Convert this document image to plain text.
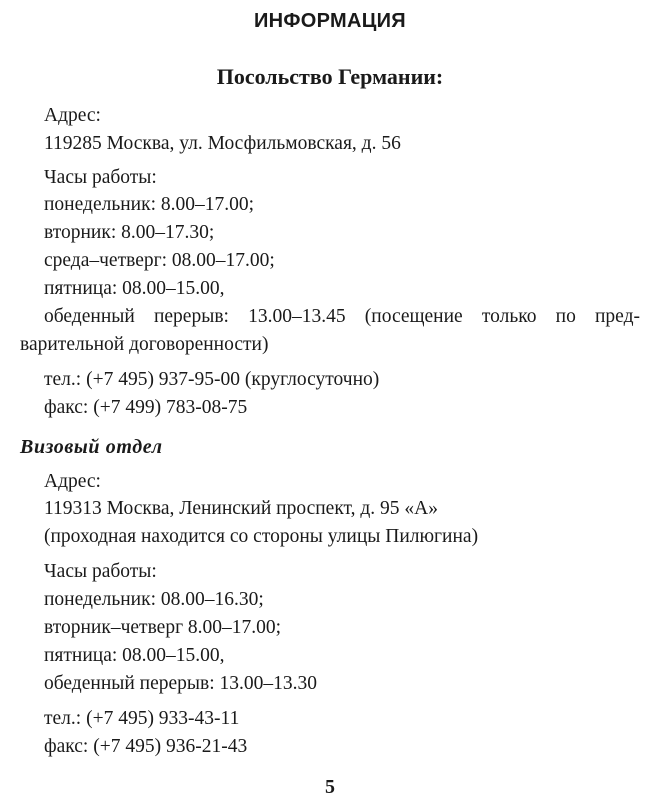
ИНФОРМАЦИЯ
Посольство Германии:
Адрес:
119285 Москва, ул. Мосфильмовская, д. 56
Часы работы:
понедельник: 8.00–17.00;
вторник: 8.00–17.30;
среда–четверг: 08.00–17.00;
пятница: 08.00–15.00,
обеденный перерыв: 13.00–13.45 (посещение только по пред-
варительной договоренности)
тел.: (+7 495) 937-95-00 (круглосуточно)
факс: (+7 499) 783-08-75
Визовый отдел
Адрес:
119313 Москва, Ленинский проспект, д. 95 «А»
(проходная находится со стороны улицы Пилюгина)
Часы работы:
понедельник: 08.00–16.30;
вторник–четверг 8.00–17.00;
пятница: 08.00–15.00,
обеденный перерыв: 13.00–13.30
тел.: (+7 495) 933-43-11
факс: (+7 495) 936-21-43
5
